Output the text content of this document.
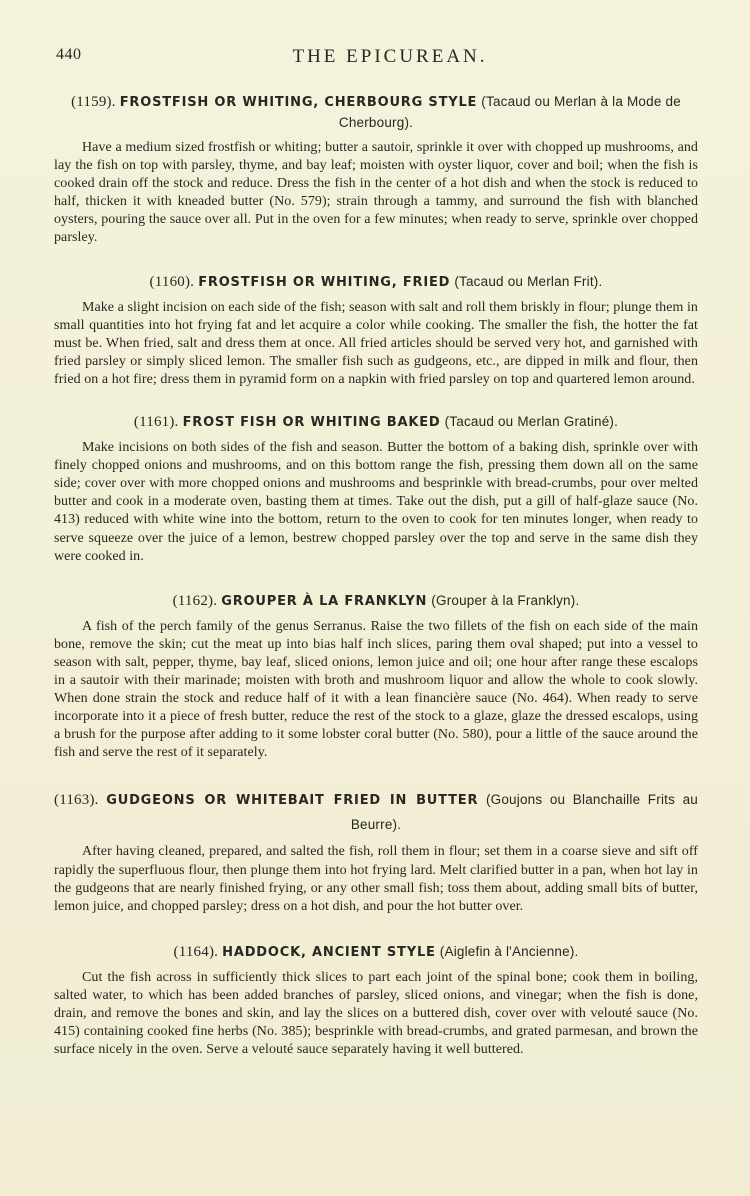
440	THE EPICUREAN.
(1159). FROSTFISH OR WHITING, CHERBOURG STYLE (Tacaud ou Merlan à la Mode de Cherbourg).

Have a medium sized frostfish or whiting; butter a sautoir, sprinkle it over with chopped up mushrooms, and lay the fish on top with parsley, thyme, and bay leaf; moisten with oyster liquor, cover and boil; when the fish is cooked drain off the stock and reduce. Dress the fish in the center of a hot dish and when the stock is reduced to half, thicken it with kneaded butter (No. 579); strain through a tammy, and surround the fish with blanched oysters, pouring the sauce over all. Put in the oven for a few minutes; when ready to serve, sprinkle over chopped parsley.

(1160). FROSTFISH OR WHITING, FRIED (Tacaud ou Merlan Frit).

Make a slight incision on each side of the fish; season with salt and roll them briskly in flour; plunge them in small quantities into hot frying fat and let acquire a color while cooking. The smaller the fish, the hotter the fat must be. When fried, salt and dress them at once. All fried articles should be served very hot, and garnished with fried parsley or simply sliced lemon. The smaller fish such as gudgeons, etc., are dipped in milk and flour, then fried on a hot fire; dress them in pyramid form on a napkin with fried parsley on top and quartered lemon around.

(1161). FROST FISH OR WHITING BAKED (Tacaud ou Merlan Gratiné).

Make incisions on both sides of the fish and season. Butter the bottom of a baking dish, sprinkle over with finely chopped onions and mushrooms, and on this bottom range the fish, pressing them down all on the same side; cover over with more chopped onions and mushrooms and besprinkle with bread-crumbs, pour over melted butter and cook in a moderate oven, basting them at times. Take out the dish, put a gill of half-glaze sauce (No. 413) reduced with white wine into the bottom, return to the oven to cook for ten minutes longer, when ready to serve squeeze over the juice of a lemon, bestrew chopped parsley over the top and serve in the same dish they were cooked in.

(1162). GROUPER À LA FRANKLYN (Grouper à la Franklyn).

A fish of the perch family of the genus Serranus. Raise the two fillets of the fish on each side of the main bone, remove the skin; cut the meat up into bias half inch slices, paring them oval shaped; put into a vessel to season with salt, pepper, thyme, bay leaf, sliced onions, lemon juice and oil; one hour after range these escalops in a sautoir with their marinade; moisten with broth and mushroom liquor and allow the whole to cook slowly. When done strain the stock and reduce half of it with a lean financière sauce (No. 464). When ready to serve incorporate into it a piece of fresh butter, reduce the rest of the stock to a glaze, glaze the dressed escalops, using a brush for the purpose after adding to it some lobster coral butter (No. 580), pour a little of the sauce around the fish and serve the rest of it separately.

(1163). GUDGEONS OR WHITEBAIT FRIED IN BUTTER (Goujons ou Blanchaille Frits au Beurre).

After having cleaned, prepared, and salted the fish, roll them in flour; set them in a coarse sieve and sift off rapidly the superfluous flour, then plunge them into hot frying lard. Melt clarified butter in a pan, when hot lay in the gudgeons that are nearly finished frying, or any other small fish; toss them about, adding small bits of butter, lemon juice, and chopped parsley; dress on a hot dish, and pour the hot butter over.

(1164). HADDOCK, ANCIENT STYLE (Aiglefin à l'Ancienne).

Cut the fish across in sufficiently thick slices to part each joint of the spinal bone; cook them in boiling, salted water, to which has been added branches of parsley, sliced onions, and vinegar; when the fish is done, drain, and remove the bones and skin, and lay the slices on a buttered dish, cover over with velouté sauce (No. 415) containing cooked fine herbs (No. 385); besprinkle with bread-crumbs, and grated parmesan, and brown the surface nicely in the oven. Serve a velouté sauce separately having it well buttered.
